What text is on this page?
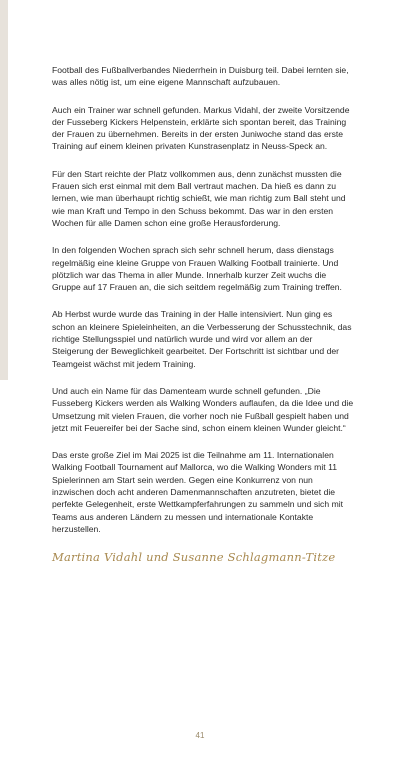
Football des Fußballverbandes Niederrhein in Duisburg teil. Dabei lernten sie, was alles nötig ist, um eine eigene Mannschaft aufzubauen.

Auch ein Trainer war schnell gefunden. Markus Vidahl, der zweite Vorsitzende der Fusseberg Kickers Helpenstein, erklärte sich spontan bereit, das Training der Frauen zu übernehmen. Bereits in der ersten Juniwoche stand das erste Training auf einem kleinen privaten Kunstrasenplatz in Neuss-Speck an.

Für den Start reichte der Platz vollkommen aus, denn zunächst mussten die Frauen sich erst einmal mit dem Ball vertraut machen. Da hieß es dann zu lernen, wie man überhaupt richtig schießt, wie man richtig zum Ball steht und wie man Kraft und Tempo in den Schuss bekommt. Das war in den ersten Wochen für alle Damen schon eine große Herausforderung.

In den folgenden Wochen sprach sich sehr schnell herum, dass dienstags regelmäßig eine kleine Gruppe von Frauen Walking Football trainierte. Und plötzlich war das Thema in aller Munde. Innerhalb kurzer Zeit wuchs die Gruppe auf 17 Frauen an, die sich seitdem regelmäßig zum Training treffen.

Ab Herbst wurde wurde das Training in der Halle intensiviert. Nun ging es schon an kleinere Spieleinheiten, an die Verbesserung der Schusstechnik, das richtige Stellungsspiel und natürlich wurde und wird vor allem an der Steigerung der Beweglichkeit gearbeitet. Der Fortschritt ist sichtbar und der Teamgeist wächst mit jedem Training.

Und auch ein Name für das Damenteam wurde schnell gefunden. „Die Fusseberg Kickers werden als Walking Wonders auflaufen, da die Idee und die Umsetzung mit vielen Frauen, die vorher noch nie Fußball gespielt haben und jetzt mit Feuereifer bei der Sache sind, schon einem kleinen Wunder gleicht.“

Das erste große Ziel im Mai 2025 ist die Teilnahme am 11. Internationalen Walking Football Tournament auf Mallorca, wo die Walking Wonders mit 11 Spielerinnen am Start sein werden. Gegen eine Konkurrenz von nun inzwischen doch acht anderen Damenmannschaften anzutreten, bietet die perfekte Gelegenheit, erste Wettkampferfahrungen zu sammeln und sich mit Teams aus anderen Ländern zu messen und internationale Kontakte herzustellen.

Martina Vidahl und Susanne Schlagmann-Titze
41
